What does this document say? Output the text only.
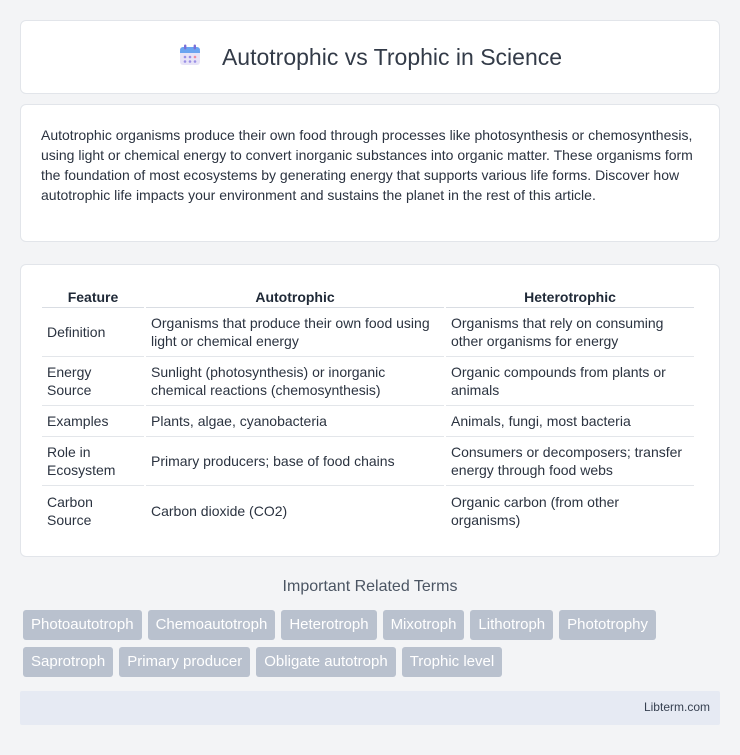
Autotrophic vs Trophic in Science

Autotrophic organisms produce their own food through processes like photosynthesis or chemosynthesis, using light or chemical energy to convert inorganic substances into organic matter. These organisms form the foundation of most ecosystems by generating energy that supports various life forms. Discover how autotrophic life impacts your environment and sustains the planet in the rest of this article.

Feature	Autotrophic	Heterotrophic
Definition	Organisms that produce their own food using light or chemical energy	Organisms that rely on consuming other organisms for energy
Energy Source	Sunlight (photosynthesis) or inorganic chemical reactions (chemosynthesis)	Organic compounds from plants or animals
Examples	Plants, algae, cyanobacteria	Animals, fungi, most bacteria
Role in Ecosystem	Primary producers; base of food chains	Consumers or decomposers; transfer energy through food webs
Carbon Source	Carbon dioxide (CO2)	Organic carbon (from other organisms)
Important Related Terms
Photoautotroph	Chemoautotroph	Heterotroph	Mixotroph	Lithotroph	Phototrophy
Saprotroph	Primary producer	Obligate autotroph	Trophic level
Libterm.com
